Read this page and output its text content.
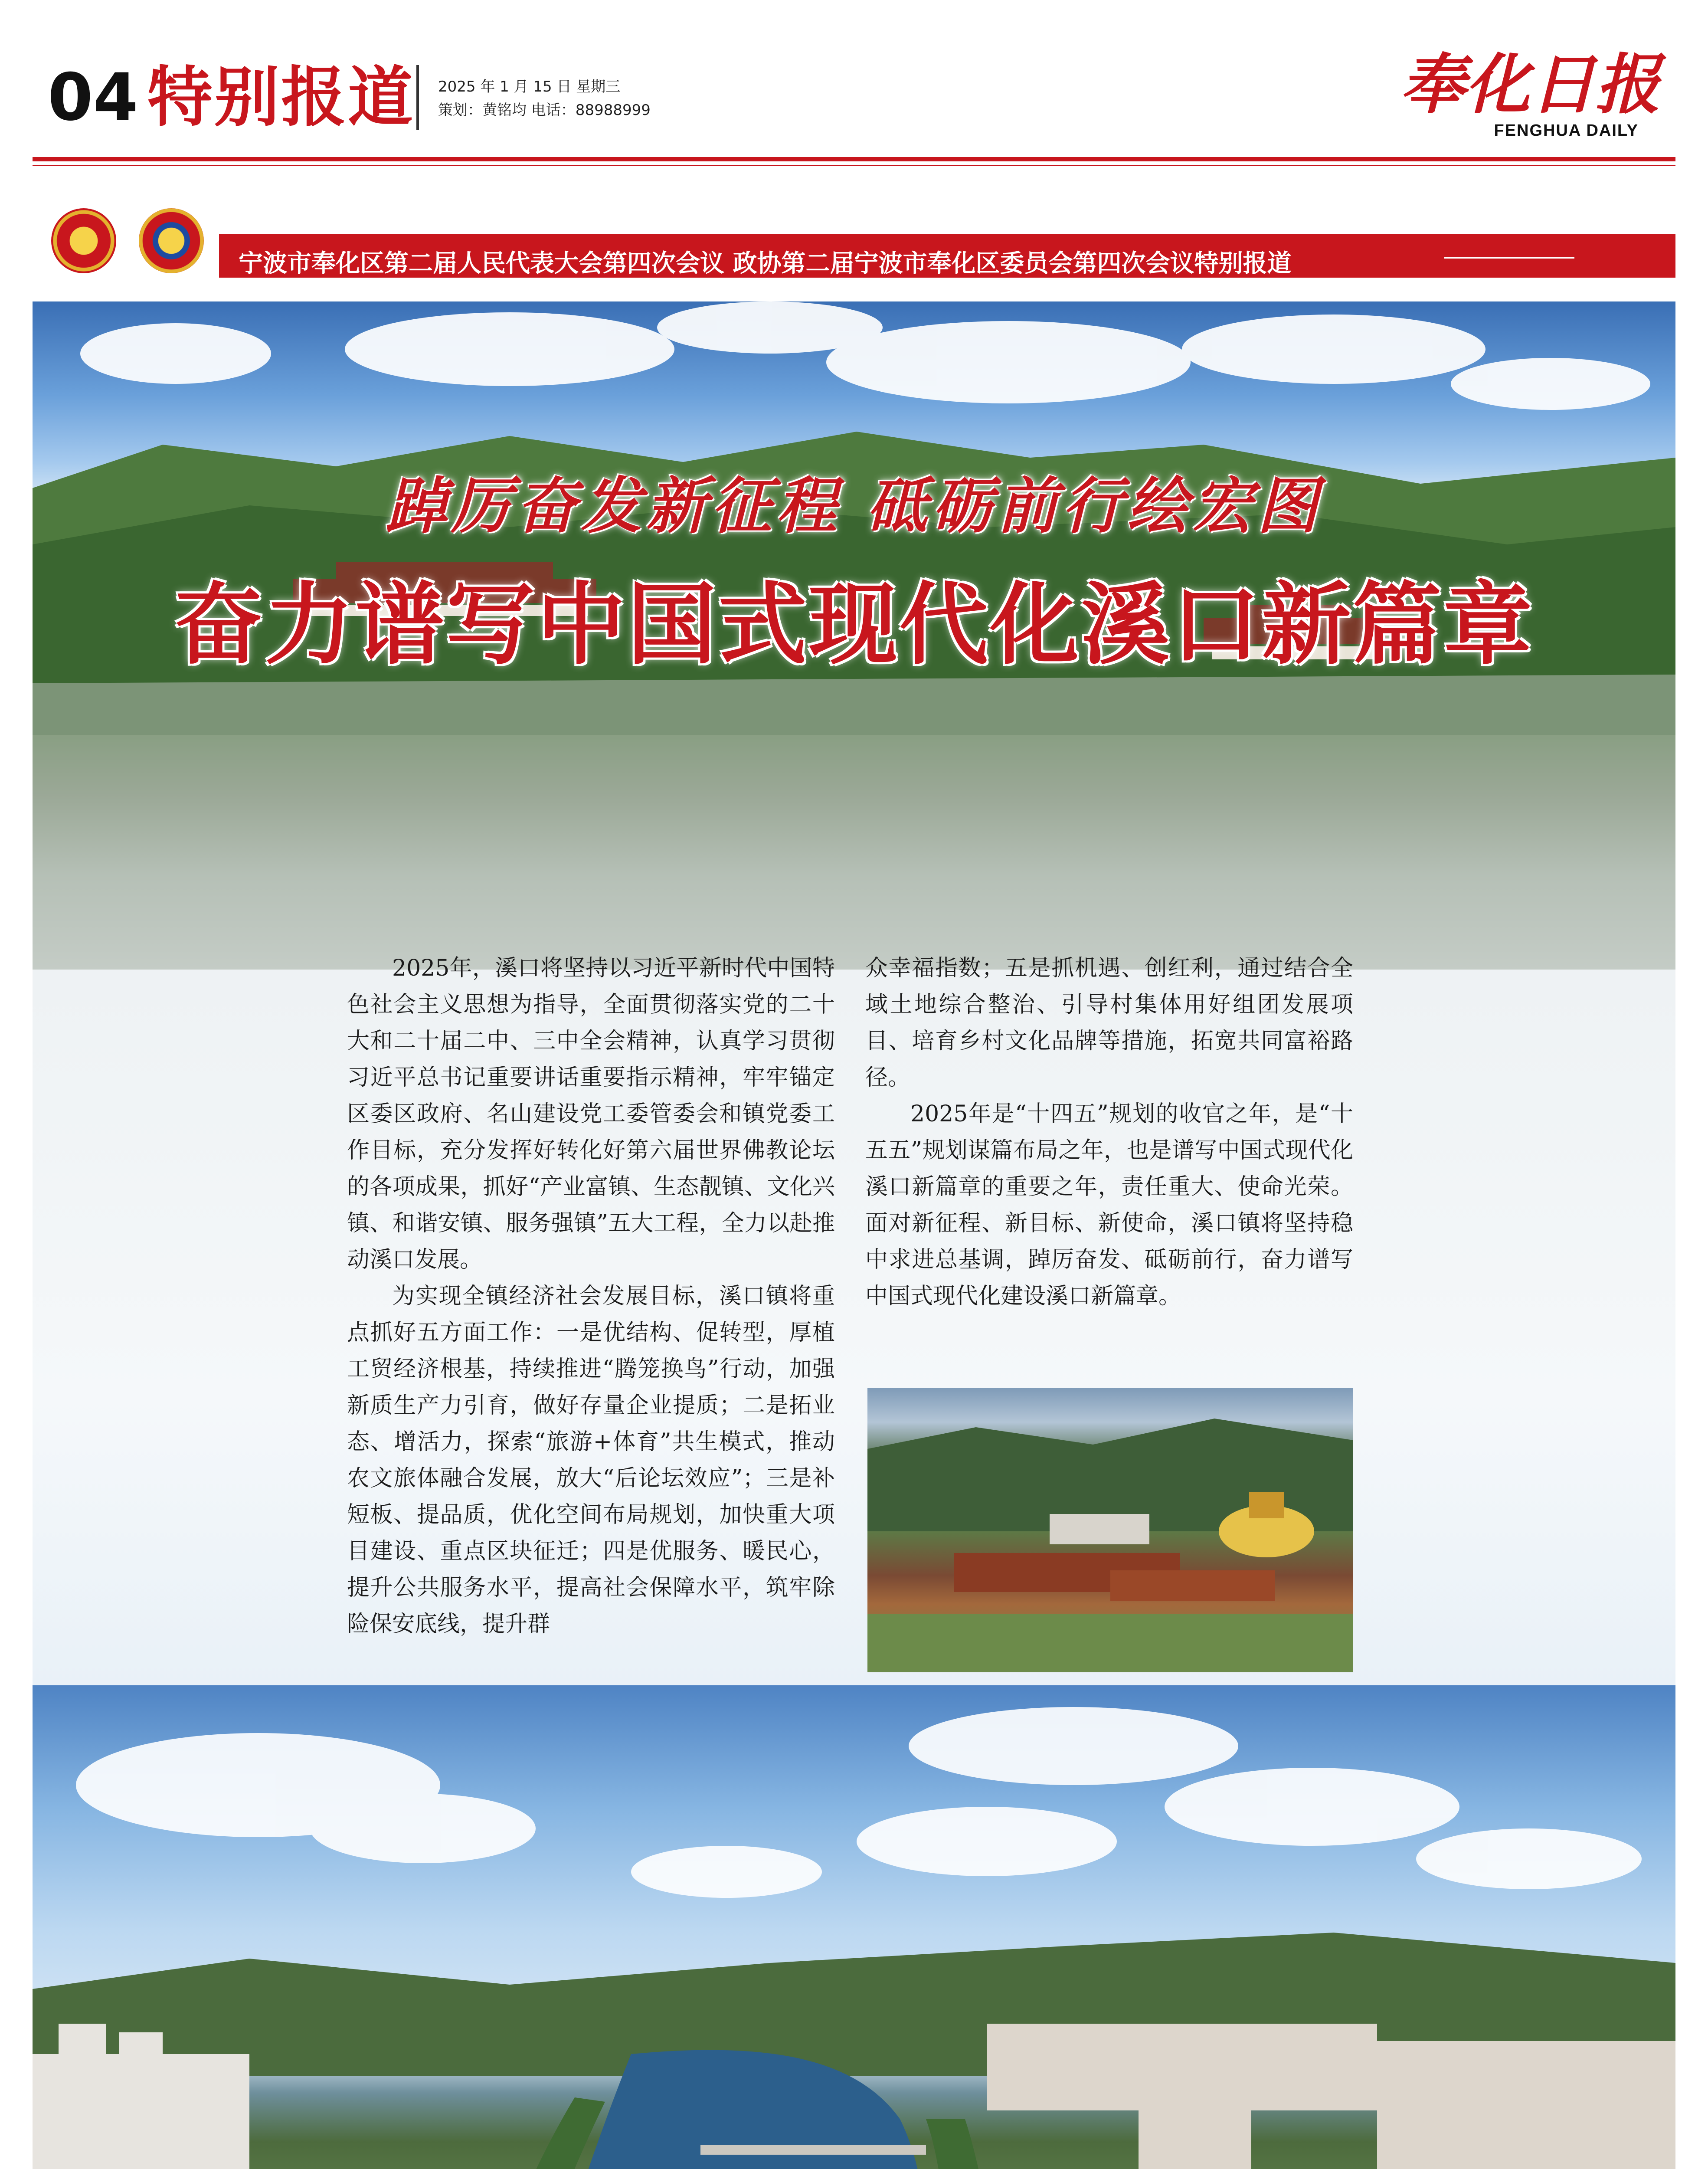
04 特别报道 2025 年 1 月 15 日 星期三
策划：黄铭均 电话：88988999	奉化日报
FENGHUA DAILY
宁波市奉化区第二届人民代表大会第四次会议 政协第二届宁波市奉化区委员会第四次会议特别报道
踔厉奋发新征程 砥砺前行绘宏图
奋力谱写中国式现代化溪口新篇章

2025年，溪口将坚持以习近平新时代中国特色社会主义思想为指导，全面贯彻落实党的二十大和二十届二中、三中全会精神，认真学习贯彻习近平总书记重要讲话重要指示精神，牢牢锚定区委区政府、名山建设党工委管委会和镇党委工作目标，充分发挥好转化好第六届世界佛教论坛的各项成果，抓好“产业富镇、生态靓镇、文化兴镇、和谐安镇、服务强镇”五大工程，全力以赴推动溪口发展。

为实现全镇经济社会发展目标，溪口镇将重点抓好五方面工作：一是优结构、促转型，厚植工贸经济根基，持续推进“腾笼换鸟”行动，加强新质生产力引育，做好存量企业提质；二是拓业态、增活力，探索“旅游+体育”共生模式，推动农文旅体融合发展，放大“后论坛效应”；三是补短板、提品质，优化空间布局规划，加快重大项目建设、重点区块征迁；四是优服务、暖民心，提升公共服务水平，提高社会保障水平，筑牢除险保安底线，提升群

众幸福指数；五是抓机遇、创红利，通过结合全域土地综合整治、引导村集体用好组团发展项目、培育乡村文化品牌等措施，拓宽共同富裕路径。

2025年是“十四五”规划的收官之年，是“十五五”规划谋篇布局之年，也是谱写中国式现代化溪口新篇章的重要之年，责任重大、使命光荣。面对新征程、新目标、新使命，溪口镇将坚持稳中求进总基调，踔厉奋发、砥砺前行，奋力谱写中国式现代化建设溪口新篇章。
